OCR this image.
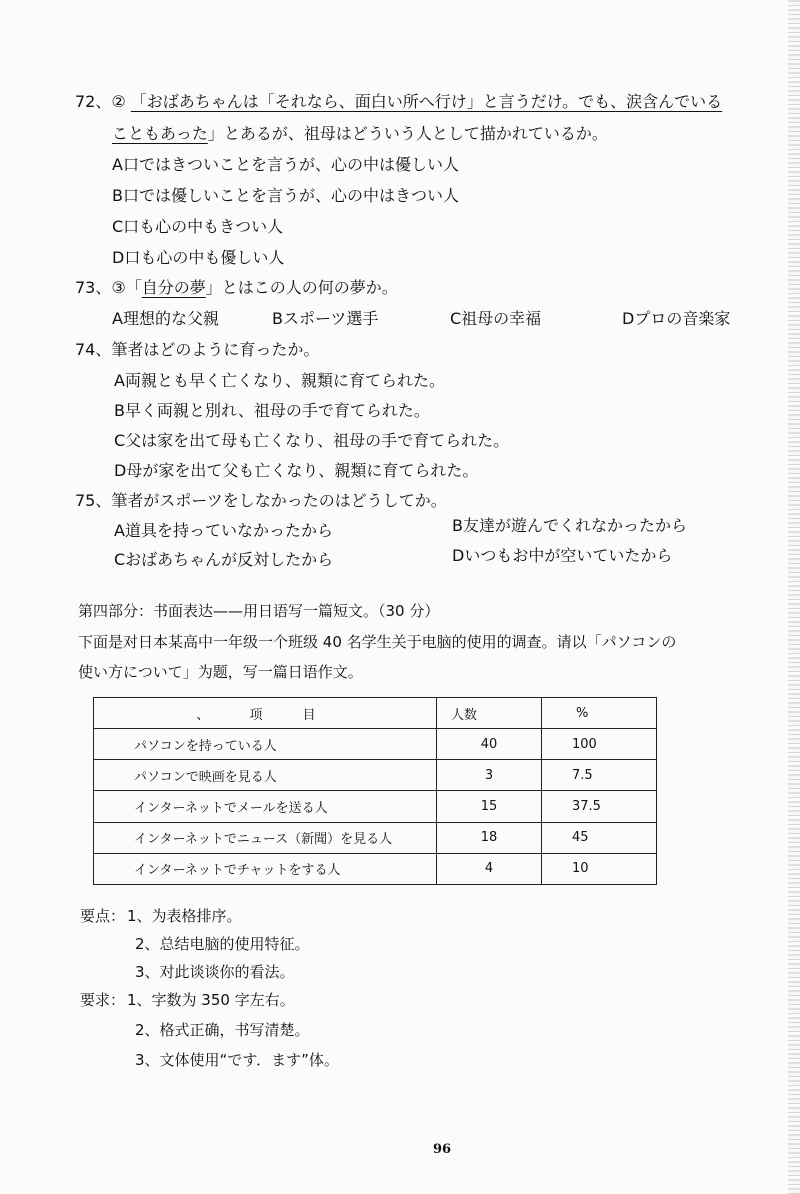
72、② 「おばあちゃんは「それなら、面白い所へ行け」と言うだけ。でも、涙含んでいる
こともあった」とあるが、祖母はどういう人として描かれているか。
A口ではきついことを言うが、心の中は優しい人
B口では優しいことを言うが、心の中はきつい人
C口も心の中もきつい人
D口も心の中も優しい人
73、③「自分の夢」とはこの人の何の夢か。
A理想的な父親	Bスポーツ選手	C祖母の幸福	Dプロの音楽家
74、筆者はどのように育ったか。
A両親とも早く亡くなり、親類に育てられた。
B早く両親と別れ、祖母の手で育てられた。
C父は家を出て母も亡くなり、祖母の手で育てられた。
D母が家を出て父も亡くなり、親類に育てられた。
75、筆者がスポーツをしなかったのはどうしてか。
A道具を持っていなかったから	B友達が遊んでくれなかったから
Cおばあちゃんが反対したから	Dいつもお中が空いていたから
第四部分：书面表达——用日语写一篇短文。（30 分）
下面是对日本某高中一年级一个班级 40 名学生关于电脑的使用的调查。请以「パソコンの
使い方について」为题，写一篇日语作文。
、 项 目	人数	%
パソコンを持っている人	40	100
パソコンで映画を見る人	3	7.5
インターネットでメールを送る人	15	37.5
インターネットでニュース（新聞）を見る人	18	45
インターネットでチャットをする人	4	10
要点： 1、为表格排序。
2、总结电脑的使用特征。
3、对此谈谈你的看法。
要求： 1、字数为 350 字左右。
2、格式正确，书写清楚。
3、文体使用“です．ます”体。
96
